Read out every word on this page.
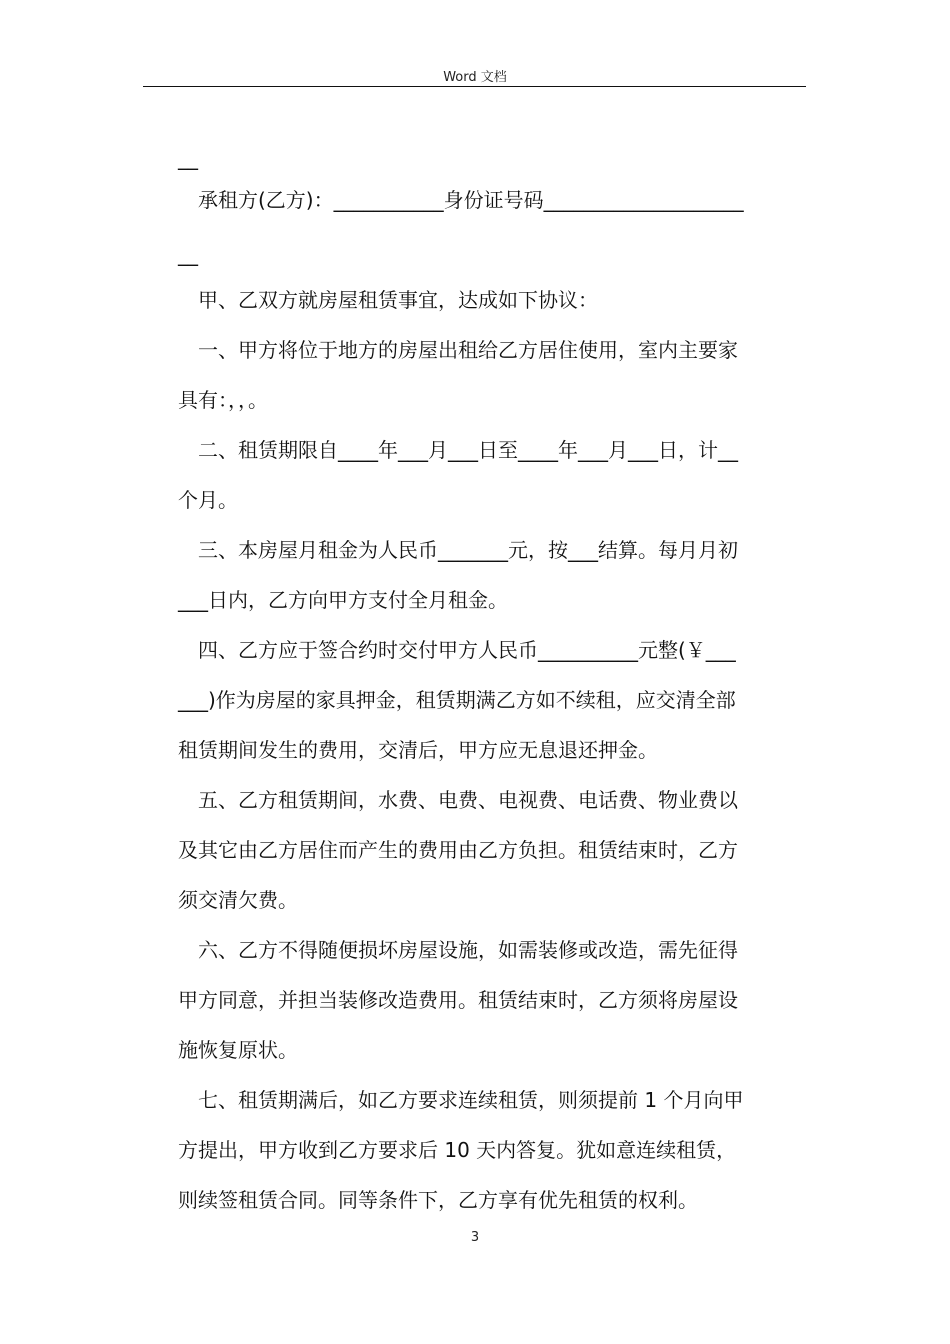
Word 文档
__
　承租方(乙方)：___________身份证号码____________________
__
　甲、乙双方就房屋租赁事宜，达成如下协议：
　一、甲方将位于地方的房屋出租给乙方居住使用，室内主要家
具有：，，。
　二、租赁期限自____年___月___日至____年___月___日，计__
个月。
　三、本房屋月租金为人民币_______元，按___结算。每月月初
___日内，乙方向甲方支付全月租金。
　四、乙方应于签合约时交付甲方人民币__________元整(￥___
___)作为房屋的家具押金，租赁期满乙方如不续租，应交清全部
租赁期间发生的费用，交清后，甲方应无息退还押金。
　五、乙方租赁期间，水费、电费、电视费、电话费、物业费以
及其它由乙方居住而产生的费用由乙方负担。租赁结束时，乙方
须交清欠费。
　六、乙方不得随便损坏房屋设施，如需装修或改造，需先征得
甲方同意，并担当装修改造费用。租赁结束时，乙方须将房屋设
施恢复原状。
　七、租赁期满后，如乙方要求连续租赁，则须提前 1 个月向甲
方提出，甲方收到乙方要求后 10 天内答复。犹如意连续租赁，
则续签租赁合同。同等条件下，乙方享有优先租赁的权利。
3
